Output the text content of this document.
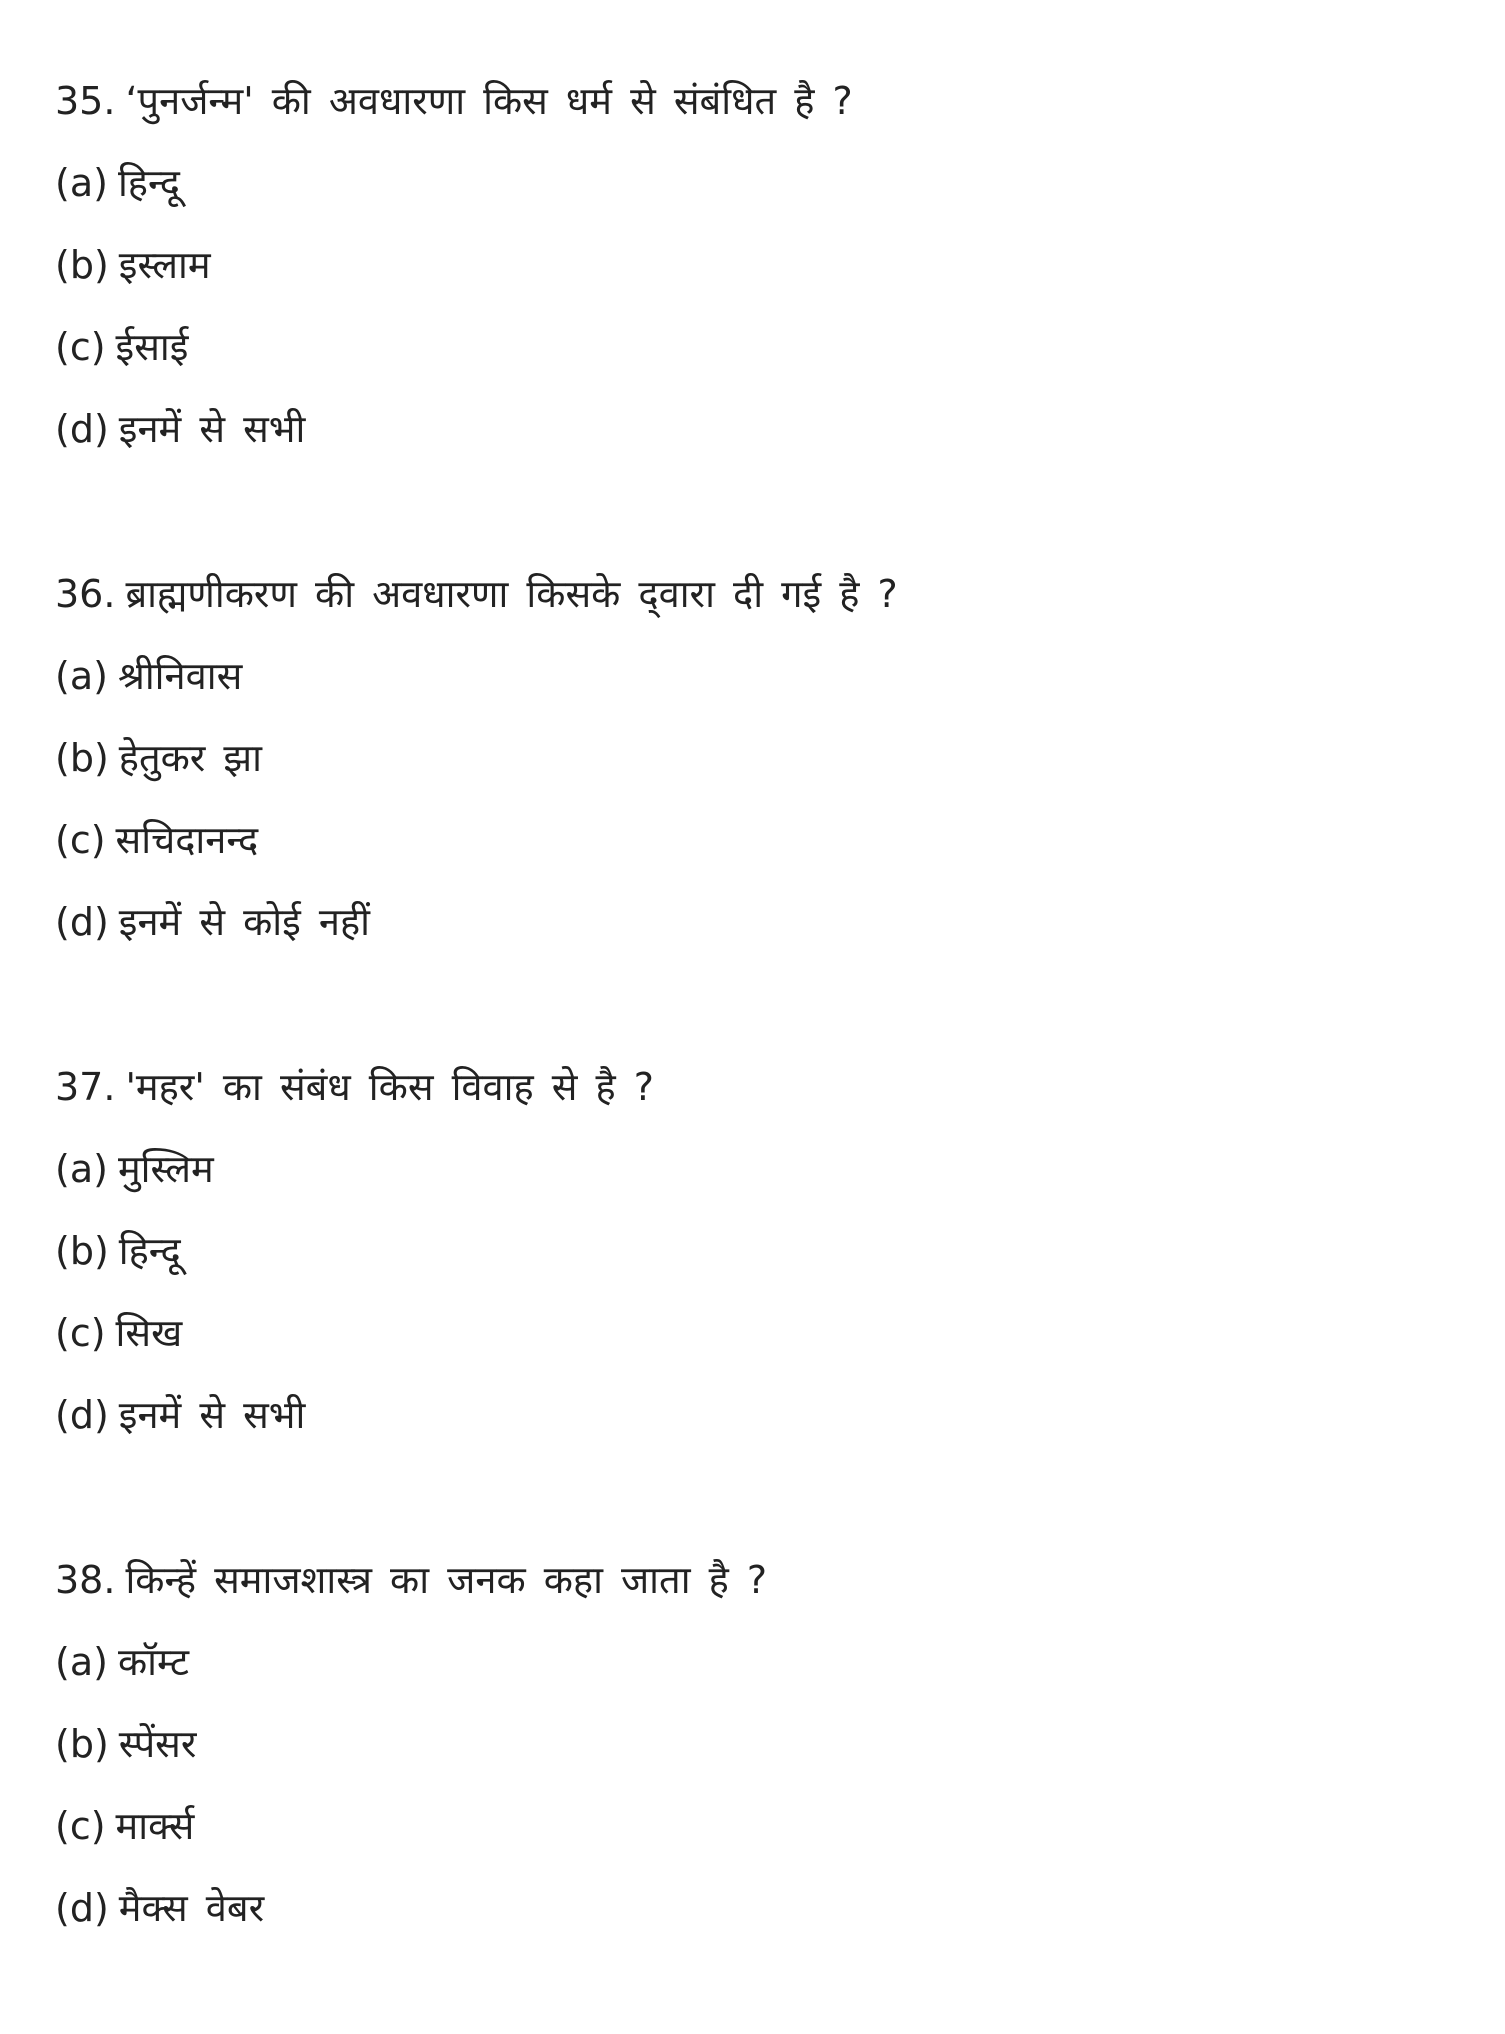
35. ‘पुनर्जन्म' की अवधारणा किस धर्म से संबंधित है ?
(a) हिन्दू
(b) इस्लाम
(c) ईसाई
(d) इनमें से सभी
36. ब्राह्मणीकरण की अवधारणा किसके द्‍वारा दी गई है ?
(a) श्रीनिवास
(b) हेतुकर झा
(c) सचिदानन्द
(d) इनमें से कोई नहीं
37. 'महर' का संबंध किस विवाह से है ?
(a) मुस्लिम
(b) हिन्दू
(c) सिख
(d) इनमें से सभी
38. किन्हें समाजशास्त्र का जनक कहा जाता है ?
(a) कॉम्ट
(b) स्पेंसर
(c) मार्क्स
(d) मैक्स वेबर
